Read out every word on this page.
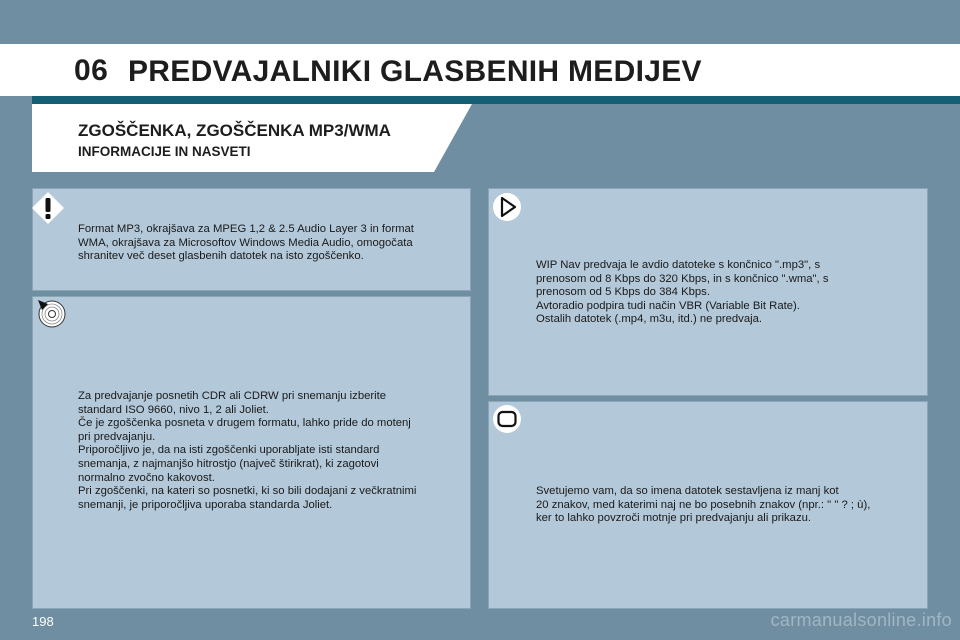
06 PREDVAJALNIKI GLASBENIH MEDIJEV
ZGOŠČENKA, ZGOŠČENKA MP3/WMA
INFORMACIJE IN NASVETI
Format MP3, okrajšava za MPEG 1,2 & 2.5 Audio Layer 3 in format
WMA, okrajšava za Microsoftov Windows Media Audio, omogočata
shranitev več deset glasbenih datotek na isto zgoščenko.
Za predvajanje posnetih CDR ali CDRW pri snemanju izberite
standard ISO 9660, nivo 1, 2 ali Joliet.
Če je zgoščenka posneta v drugem formatu, lahko pride do motenj
pri predvajanju.
Priporočljivo je, da na isti zgoščenki uporabljate isti standard
snemanja, z najmanjšo hitrostjo (največ štirikrat), ki zagotovi
normalno zvočno kakovost.
Pri zgoščenki, na kateri so posnetki, ki so bili dodajani z večkratnimi
snemanji, je priporočljiva uporaba standarda Joliet.
WIP Nav predvaja le avdio datoteke s končnico ".mp3", s
prenosom od 8 Kbps do 320 Kbps, in s končnico ".wma", s
prenosom od 5 Kbps do 384 Kbps.
Avtoradio podpira tudi način VBR (Variable Bit Rate).
Ostalih datotek (.mp4, m3u, itd.) ne predvaja.
Svetujemo vam, da so imena datotek sestavljena iz manj kot
20 znakov, med katerimi naj ne bo posebnih znakov (npr.: " " ? ; ù),
ker to lahko povzroči motnje pri predvajanju ali prikazu.
198	carmanualsonline.info
